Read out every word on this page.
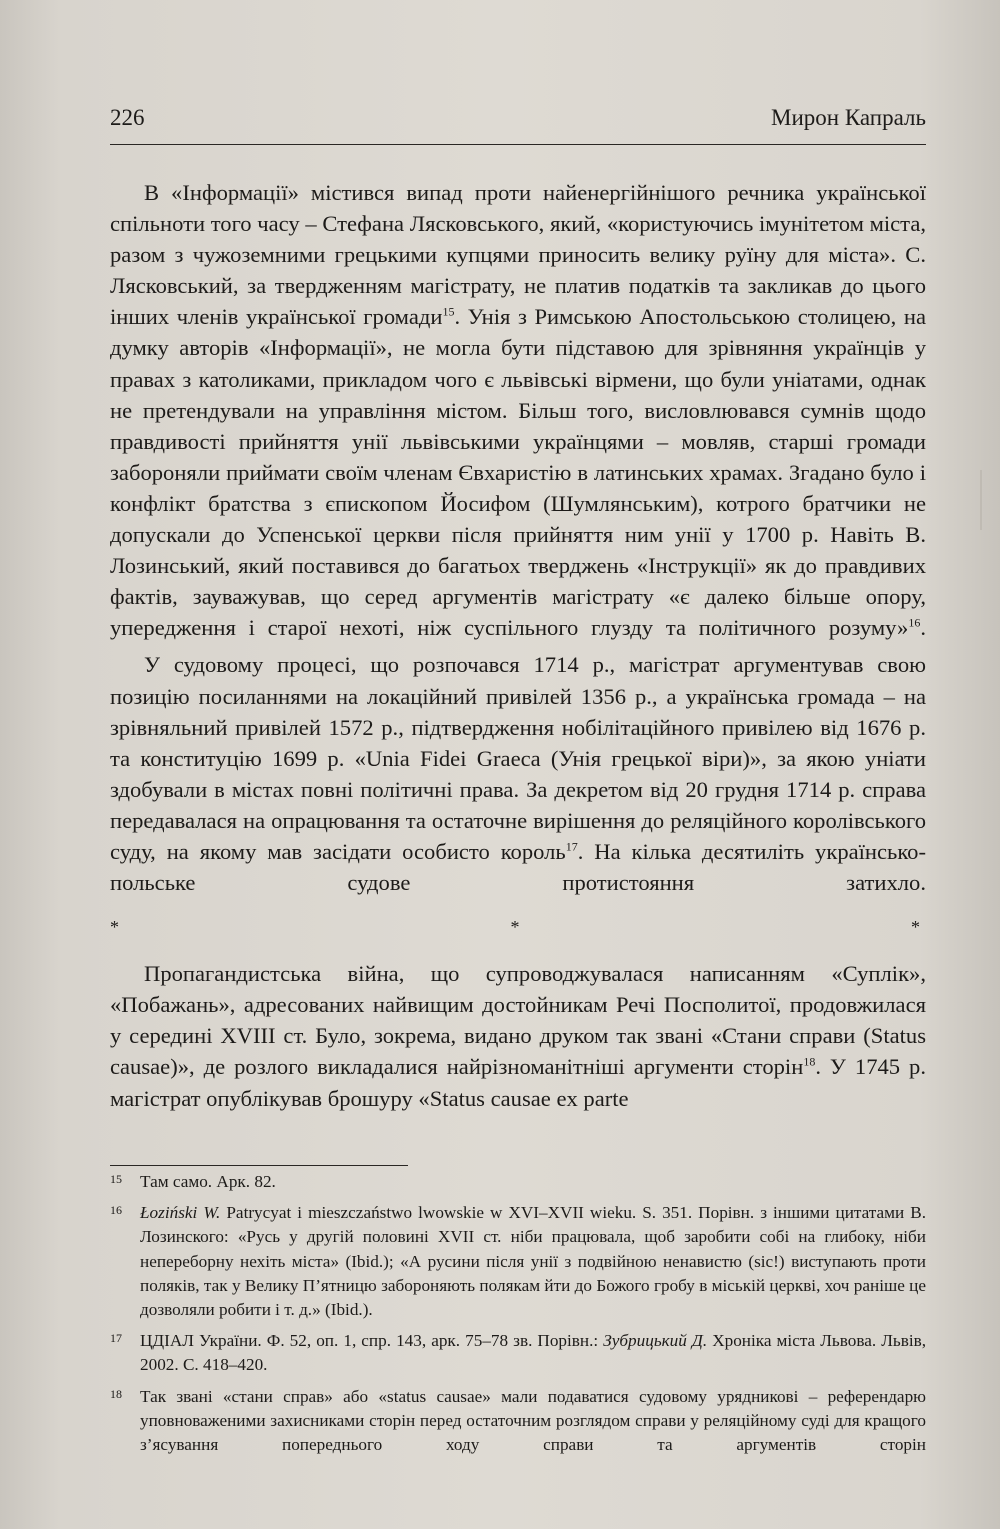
226	Мирон Капраль

В «Інформації» містився випад проти найенергійнішого речника української спільноти того часу – Стефана Лясковського, який, «користуючись імунітетом міста, разом з чужоземними грецькими купцями приносить велику руїну для міста». С. Лясковський, за твердженням магістрату, не платив податків та закликав до цього інших членів української громади$^{15}$. Унія з Римською Апостольською столицею, на думку авторів «Інформації», не могла бути підставою для зрівняння українців у правах з католиками, прикладом чого є львівські вірмени, що були уніатами, однак не претендували на управління містом. Більш того, висловлювався сумнів щодо правдивості прийняття унії львівськими українцями – мовляв, старші громади забороняли приймати своїм членам Євхаристію в латинських храмах. Згадано було і конфлікт братства з єпископом Йосифом (Шумлянським), котрого братчики не допускали до Успенської церкви після прийняття ним унії у 1700 р. Навіть В. Лозинський, який поставився до багатьох тверджень «Інструкції» як до правдивих фактів, зауважував, що серед аргументів магістрату «є далеко більше опору, упередження і старої нехоті, ніж суспільного глузду та політичного розуму»$^{16}$.

У судовому процесі, що розпочався 1714 р., магістрат аргументував свою позицію посиланнями на локаційний привілей 1356 р., а українська громада – на зрівняльний привілей 1572 р., підтвердження нобілітаційного привілею від 1676 р. та конституцію 1699 р. «Unia Fidei Graeca (Унія грецької віри)», за якою уніати здобували в містах повні політичні права. За декретом від 20 грудня 1714 р. справа передавалася на опрацювання та остаточне вирішення до реляційного королівського суду, на якому мав засідати особисто король$^{17}$. На кілька десятиліть українсько-польське судове протистояння затихло.

* * *

Пропагандистська війна, що супроводжувалася написанням «Суплік», «Побажань», адресованих найвищим достойникам Речі Посполитої, продовжилася у середині XVIII ст. Було, зокрема, видано друком так звані «Стани справи (Status causae)», де розлого викладалися найрізноманітніші аргументи сторін$^{18}$. У 1745 р. магістрат опублікував брошуру «Status causae ex parte

15 Там само. Арк. 82.
16 Łoziński W. Patrycyat i mieszczaństwo lwowskie w XVI–XVII wieku. S. 351. Порівн. з іншими цитатами В. Лозинского: «Русь у другій половині XVII ст. ніби працювала, щоб заробити собі на глибоку, ніби непереборну нехіть міста» (Ibid.); «А русини після унії з подвійною ненавистю (sic!) виступають проти поляків, так у Велику П’ятницю забороняють полякам йти до Божого гробу в міській церкві, хоч раніше це дозволяли робити і т. д.» (Ibid.).
17 ЦДІАЛ України. Ф. 52, оп. 1, спр. 143, арк. 75–78 зв. Порівн.: Зубрицький Д. Хроніка міста Львова. Львів, 2002. С. 418–420.
18 Так звані «стани справ» або «status causae» мали подаватися судовому урядникові – референдарю уповноваженими захисниками сторін перед остаточним розглядом справи у реляційному суді для кращого з’ясування попереднього ходу справи та аргументів сторін
